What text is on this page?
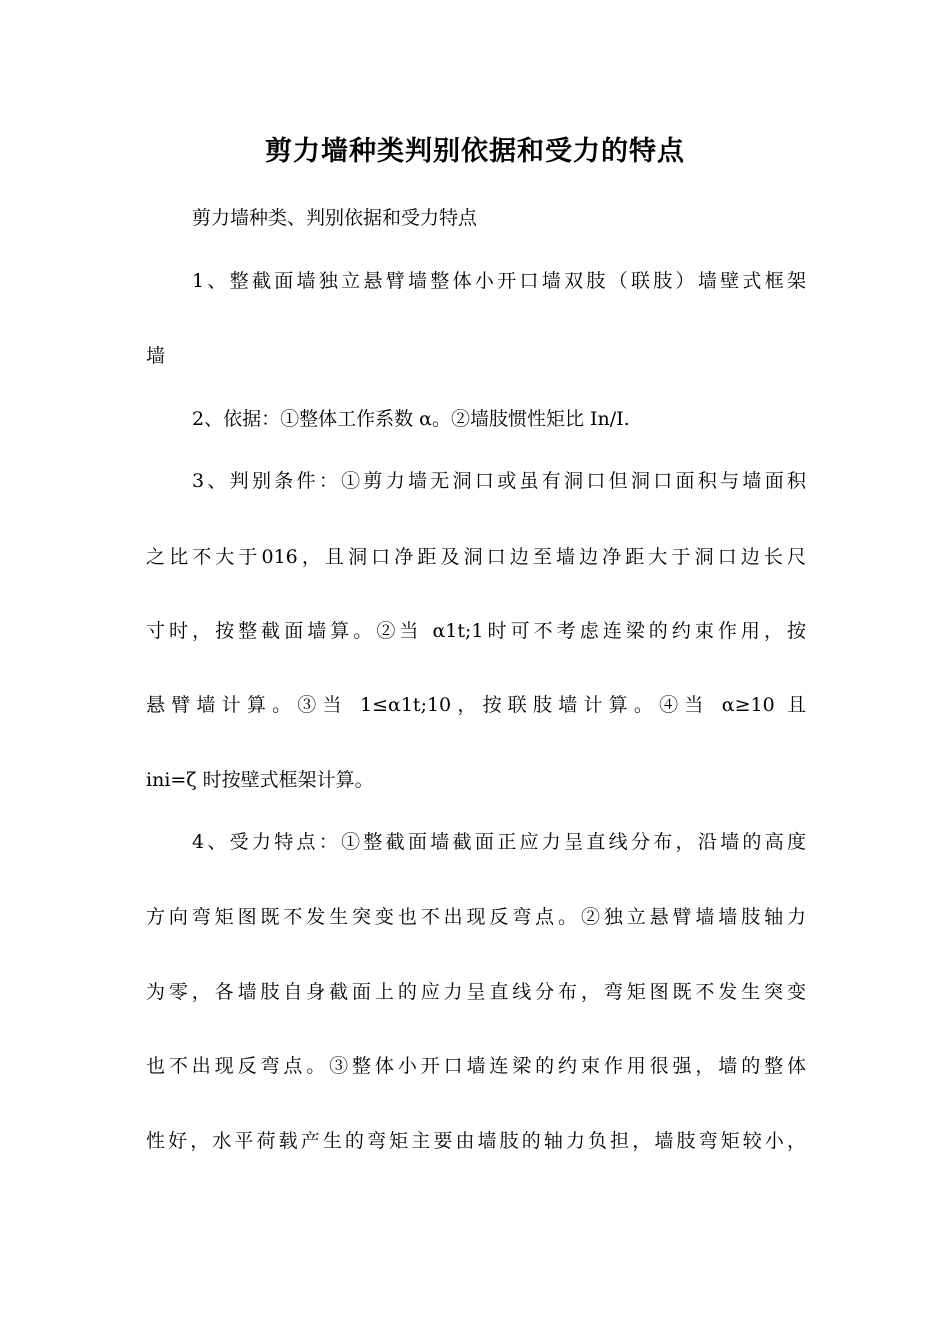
剪力墙种类判别依据和受力的特点

剪力墙种类、判别依据和受力特点

1、整截面墙独立悬臂墙整体小开口墙双肢（联肢）墙壁式框架

墙

2、依据：①整体工作系数 α。②墙肢惯性矩比 In/I.

3、判别条件：①剪力墙无洞口或虽有洞口但洞口面积与墙面积

之比不大于016，且洞口净距及洞口边至墙边净距大于洞口边长尺

寸时，按整截面墙算。②当 α1t;1时可不考虑连梁的约束作用，按

悬臂墙计算。③当 1≤α1t;10，按联肢墙计算。④当 α≥10 且

ini=ζ 时按壁式框架计算。

4、受力特点：①整截面墙截面正应力呈直线分布，沿墙的高度

方向弯矩图既不发生突变也不出现反弯点。②独立悬臂墙墙肢轴力

为零，各墙肢自身截面上的应力呈直线分布，弯矩图既不发生突变

也不出现反弯点。③整体小开口墙连梁的约束作用很强，墙的整体

性好，水平荷载产生的弯矩主要由墙肢的轴力负担，墙肢弯矩较小，
